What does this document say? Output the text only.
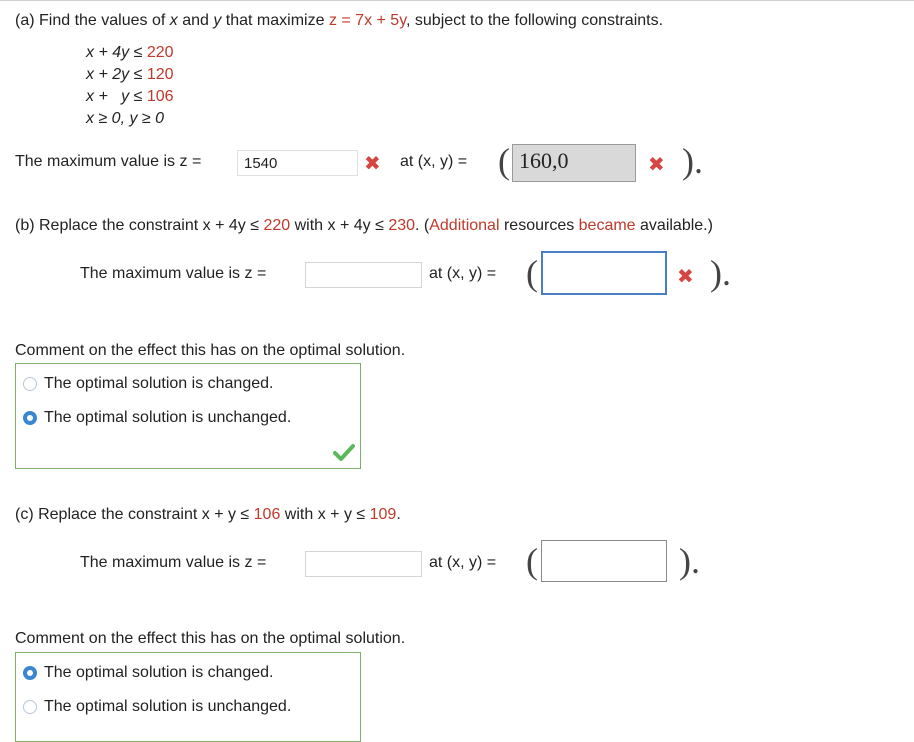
(a) Find the values of x and y that maximize z = 7x + 5y, subject to the following constraints.
x + 4y ≤ 220
x + 2y ≤ 120
x +   y ≤ 106
x ≥ 0, y ≥ 0
The maximum value is z =	1540	✖ at (x, y) = ( 160,0	✖ ).
(b) Replace the constraint x + 4y ≤ 220 with x + 4y ≤ 230. (Additional resources became available.)
The maximum value is z =	at (x, y) = (	✖ ).
Comment on the effect this has on the optimal solution.
The optimal solution is changed.
The optimal solution is unchanged.
(c) Replace the constraint x + y ≤ 106 with x + y ≤ 109.
The maximum value is z =	at (x, y) = (	).
Comment on the effect this has on the optimal solution.
The optimal solution is changed.
The optimal solution is unchanged.
